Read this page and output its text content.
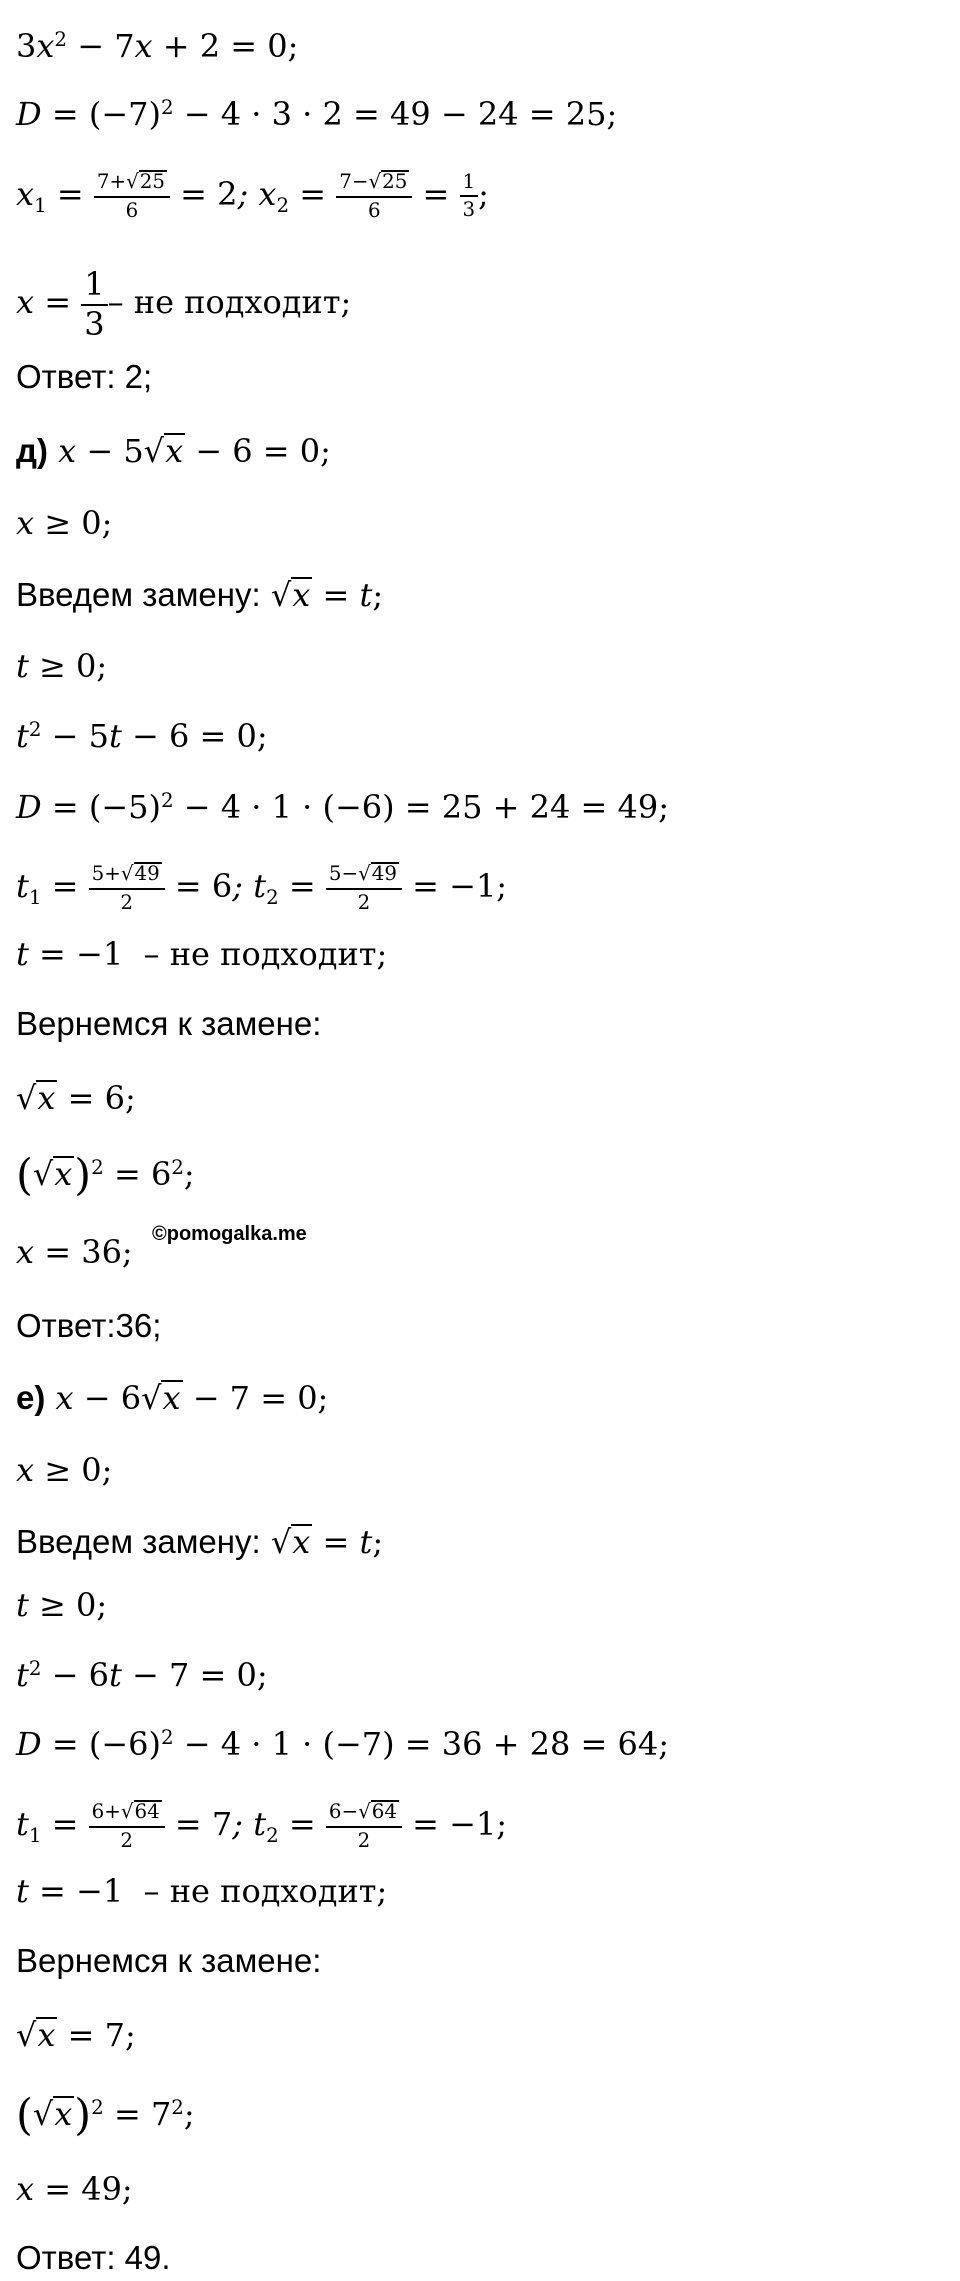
$3x^2 - 7x + 2 = 0$;
$D = (-7)^2 - 4 \cdot 3 \cdot 2 = 49 - 24 = 25$;
$x_1 = \frac{7+√25}{6} = 2$; $x_2 = \frac{7-√25}{6} = \frac{1}{3}$ ;
$x = \frac{1}{3}$ – не подходит;
Ответ: 2;
д) x − 5√x − 6 = 0;
x ≥ 0;
Введем замену: √x = t;
t ≥ 0;
$t^2 - 5t - 6 = 0$;
$D = (-5)^2 - 4 \cdot 1 \cdot (-6) = 25 + 24 = 49$;
$t_1 = \frac{5+√49}{2} = 6$; $t_2 = \frac{5-√49}{2} = -1$;
t = −1  – не подходит;
Вернемся к замене:
√x = 6;
$(√x)^2 = 6^2$;
x = 36; ©pomogalka.me
Ответ:36;
е) x − 6√x − 7 = 0;
x ≥ 0;
Введем замену: √x = t;
t ≥ 0;
$t^2 - 6t - 7 = 0$;
$D = (-6)^2 - 4 \cdot 1 \cdot (-7) = 36 + 28 = 64$;
$t_1 = \frac{6+√64}{2} = 7$; $t_2 = \frac{6-√64}{2} = -1$;
t = −1  – не подходит;
Вернемся к замене:
√x = 7;
$(√x)^2 = 7^2$;
x = 49;
Ответ: 49.
